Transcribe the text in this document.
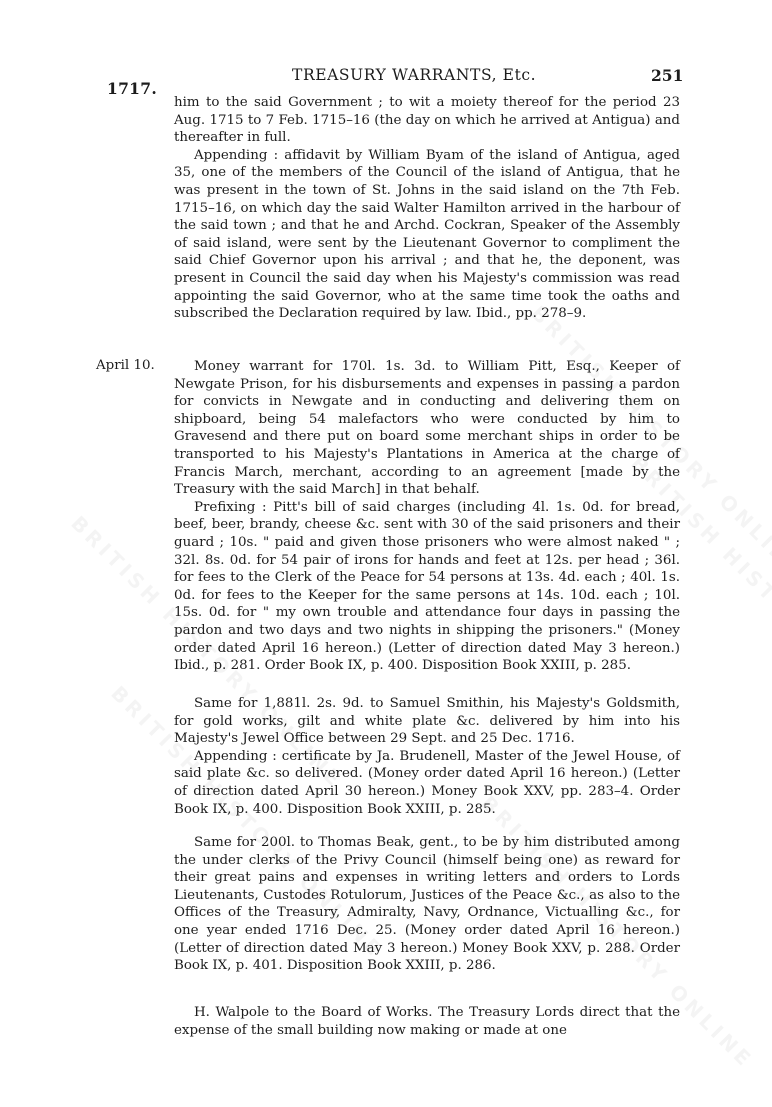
1717.
TREASURY WARRANTS, Etc.	251

him to the said Government ; to wit a moiety thereof for the period 23 Aug. 1715 to 7 Feb. 1715–16 (the day on which he arrived at Antigua) and thereafter in full.

Appending : affidavit by William Byam of the island of Antigua, aged 35, one of the members of the Council of the island of Antigua, that he was present in the town of St. Johns in the said island on the 7th Feb. 1715–16, on which day the said Walter Hamilton arrived in the harbour of the said town ; and that he and Archd. Cockran, Speaker of the Assembly of said island, were sent by the Lieutenant Governor to compliment the said Chief Governor upon his arrival ; and that he, the deponent, was present in Council the said day when his Majesty's commission was read appointing the said Governor, who at the same time took the oaths and subscribed the Declaration required by law. Ibid., pp. 278–9.

April 10.	Money warrant for 170l. 1s. 3d. to William Pitt, Esq., Keeper of Newgate Prison, for his disbursements and expenses in passing a pardon for convicts in Newgate and in conducting and delivering them on shipboard, being 54 malefactors who were conducted by him to Gravesend and there put on board some merchant ships in order to be transported to his Majesty's Plantations in America at the charge of Francis March, merchant, according to an agreement [made by the Treasury with the said March] in that behalf.

Prefixing : Pitt's bill of said charges (including 4l. 1s. 0d. for bread, beef, beer, brandy, cheese &c. sent with 30 of the said prisoners and their guard ; 10s. " paid and given those prisoners who were almost naked " ; 32l. 8s. 0d. for 54 pair of irons for hands and feet at 12s. per head ; 36l. for fees to the Clerk of the Peace for 54 persons at 13s. 4d. each ; 40l. 1s. 0d. for fees to the Keeper for the same persons at 14s. 10d. each ; 10l. 15s. 0d. for " my own trouble and attendance four days in passing the pardon and two days and two nights in shipping the prisoners." (Money order dated April 16 hereon.) (Letter of direction dated May 3 hereon.) Ibid., p. 281. Order Book IX, p. 400. Disposition Book XXIII, p. 285.

Same for 1,881l. 2s. 9d. to Samuel Smithin, his Majesty's Goldsmith, for gold works, gilt and white plate &c. delivered by him into his Majesty's Jewel Office between 29 Sept. and 25 Dec. 1716.

Appending : certificate by Ja. Brudenell, Master of the Jewel House, of said plate &c. so delivered. (Money order dated April 16 hereon.) (Letter of direction dated April 30 hereon.) Money Book XXV, pp. 283–4. Order Book IX, p. 400. Disposition Book XXIII, p. 285.

Same for 200l. to Thomas Beak, gent., to be by him distributed among the under clerks of the Privy Council (himself being one) as reward for their great pains and expenses in writing letters and orders to Lords Lieutenants, Custodes Rotulorum, Justices of the Peace &c., as also to the Offices of the Treasury, Admiralty, Navy, Ordnance, Victualling &c., for one year ended 1716 Dec. 25. (Money order dated April 16 hereon.) (Letter of direction dated May 3 hereon.) Money Book XXV, p. 288. Order Book IX, p. 401. Disposition Book XXIII, p. 286.

H. Walpole to the Board of Works. The Treasury Lords direct that the expense of the small building now making or made at one
